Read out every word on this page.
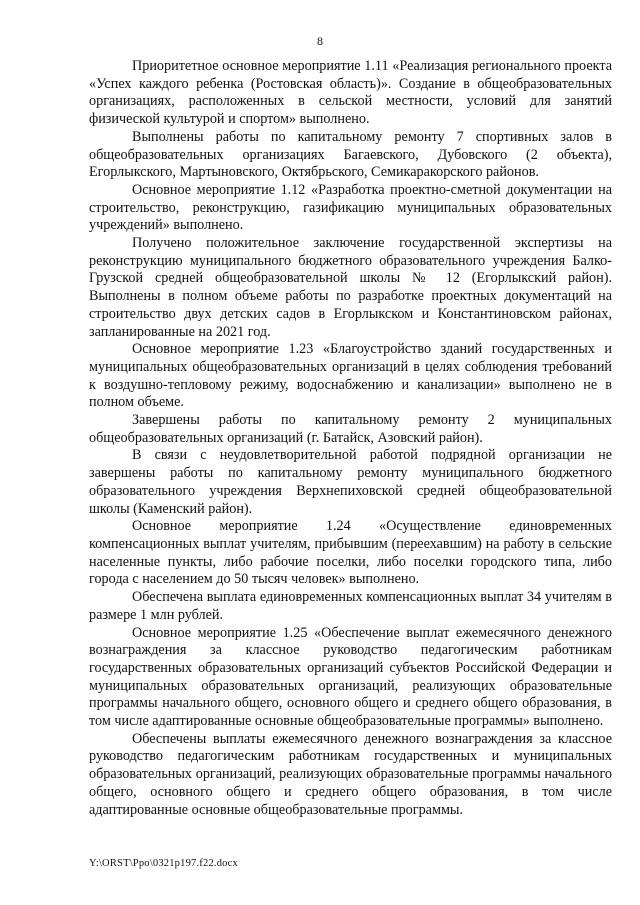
8

Приоритетное основное мероприятие 1.11 «Реализация регионального проекта «Успех каждого ребенка (Ростовская область)». Создание в общеобразовательных организациях, расположенных в сельской местности, условий для занятий физической культурой и спортом» выполнено.

Выполнены работы по капитальному ремонту 7 спортивных залов в общеобразовательных организациях Багаевского, Дубовского (2 объекта), Егорлыкского, Мартыновского, Октябрьского, Семикаракорского районов.

Основное мероприятие 1.12 «Разработка проектно-сметной документации на строительство, реконструкцию, газификацию муниципальных образовательных учреждений» выполнено.

Получено положительное заключение государственной экспертизы на реконструкцию муниципального бюджетного образовательного учреждения Балко-Грузской средней общеобразовательной школы № 12 (Егорлыкский район). Выполнены в полном объеме работы по разработке проектных документаций на строительство двух детских садов в Егорлыкском и Константиновском районах, запланированные на 2021 год.

Основное мероприятие 1.23 «Благоустройство зданий государственных и муниципальных общеобразовательных организаций в целях соблюдения требований к воздушно-тепловому режиму, водоснабжению и канализации» выполнено не в полном объеме.

Завершены работы по капитальному ремонту 2 муниципальных общеобразовательных организаций (г. Батайск, Азовский район).

В связи с неудовлетворительной работой подрядной организации не завершены работы по капитальному ремонту муниципального бюджетного образовательного учреждения Верхнепиховской средней общеобразовательной школы (Каменский район).

Основное мероприятие 1.24 «Осуществление единовременных компенсационных выплат учителям, прибывшим (переехавшим) на работу в сельские населенные пункты, либо рабочие поселки, либо поселки городского типа, либо города с населением до 50 тысяч человек» выполнено.

Обеспечена выплата единовременных компенсационных выплат 34 учителям в размере 1 млн рублей.

Основное мероприятие 1.25 «Обеспечение выплат ежемесячного денежного вознаграждения за классное руководство педагогическим работникам государственных образовательных организаций субъектов Российской Федерации и муниципальных образовательных организаций, реализующих образовательные программы начального общего, основного общего и среднего общего образования, в том числе адаптированные основные общеобразовательные программы» выполнено.

Обеспечены выплаты ежемесячного денежного вознаграждения за классное руководство педагогическим работникам государственных и муниципальных образовательных организаций, реализующих образовательные программы начального общего, основного общего и среднего общего образования, в том числе адаптированные основные общеобразовательные программы.

Y:\ORST\Ppo\0321p197.f22.docx
